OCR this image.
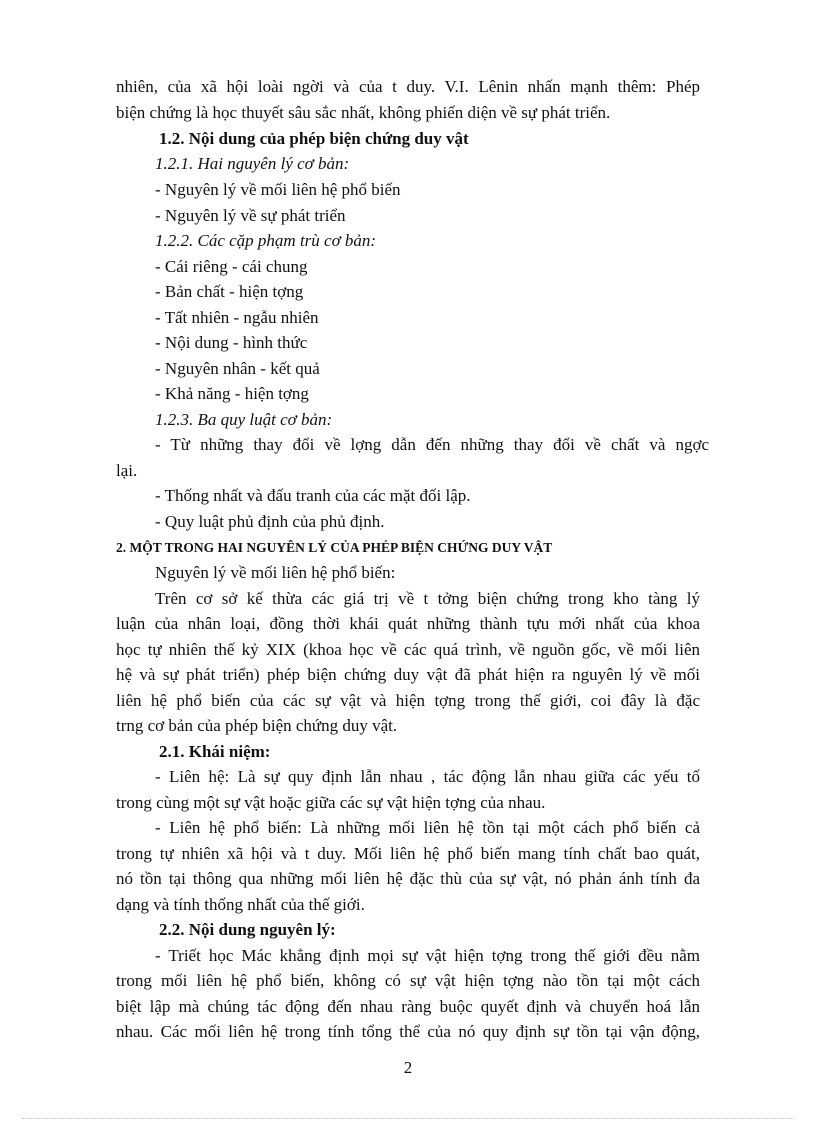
nhiên, của xã hội loài ngời và của t duy. V.I. Lênin nhấn mạnh thêm: Phép
biện chứng là học thuyết sâu sắc nhất, không phiến diện về sự phát triển.
1.2. Nội dung của phép biện chứng duy vật
1.2.1. Hai nguyên lý cơ bản:
- Nguyên lý về mối liên hệ phổ biến
- Nguyên lý về sự phát triển
1.2.2. Các cặp phạm trù cơ bản:
- Cái riêng - cái chung
- Bản chất - hiện tợng
- Tất nhiên - ngẫu nhiên
- Nội dung - hình thức
- Nguyên nhân - kết quả
- Khả năng - hiện tợng
1.2.3. Ba quy luật cơ bản:
- Từ những thay đổi về lợng dẫn đến những thay đổi về chất và ngợc
lại.
- Thống nhất và đấu tranh của các mặt đối lập.
- Quy luật phủ định của phủ định.
2. MỘT TRONG HAI NGUYÊN LÝ CỦA PHÉP BIỆN CHỨNG DUY VẬT
Nguyên lý về mối liên hệ phổ biến:
Trên cơ sở kế thừa các giá trị về t tởng biện chứng trong kho tàng lý
luận của nhân loại, đồng thời khái quát những thành tựu mới nhất của khoa
học tự nhiên thế kỷ XIX (khoa học về các quá trình, về nguồn gốc, về mối liên
hệ và sự phát triển) phép biện chứng duy vật đã phát hiện ra nguyên lý về mối
liên hệ phổ biến của các sự vật và hiện tợng trong thế giới, coi đây là đặc
trng cơ bản của phép biện chứng duy vật.
2.1. Khái niệm:
- Liên hệ: Là sự quy định lẫn nhau , tác động lẫn nhau giữa các yếu tố
trong cùng một sự vật hoặc giữa các sự vật hiện tợng của nhau.
- Liên hệ phổ biến: Là những mối liên hệ tồn tại một cách phổ biến cả
trong tự nhiên xã hội và t duy. Mối liên hệ phổ biến mang tính chất bao quát,
nó tồn tại thông qua những mối liên hệ đặc thù của sự vật, nó phản ánh tính đa
dạng và tính thống nhất của thế giới.
2.2. Nội dung nguyên lý:
- Triết học Mác khẳng định mọi sự vật hiện tợng trong thế giới đều nằm
trong mối liên hệ phổ biến, không có sự vật hiện tợng nào tồn tại một cách
biệt lập mà chúng tác động đến nhau ràng buộc quyết định và chuyển hoá lẫn
nhau. Các mối liên hệ trong tính tổng thể của nó quy định sự tồn tại vận động,
2
